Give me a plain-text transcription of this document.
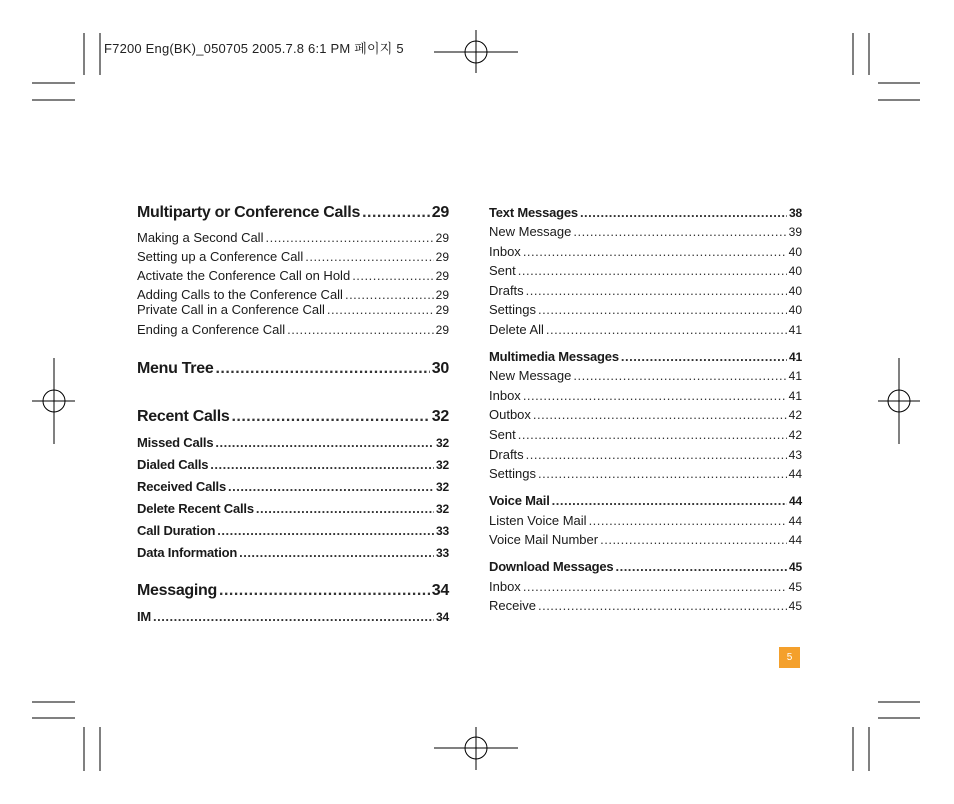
F7200 Eng(BK)_050705 2005.7.8 6:1 PM 페이지 5
Multiparty or Conference Calls .....	29
Making a Second Call .....	29
Setting up a Conference Call .....	29
Activate the Conference Call on Hold .....	29
Adding Calls to the Conference Call .....	29
Private Call in a Conference Call .....	29
Ending a Conference Call .....	29
Menu Tree .....	30
Recent Calls .....	32
Missed Calls .....	32
Dialed Calls .....	32
Received Calls .....	32
Delete Recent Calls .....	32
Call Duration .....	33
Data Information .....	33
Messaging .....	34
IM .....	34
Text Messages .....	38
New Message .....	39
Inbox .....	40
Sent .....	40
Drafts .....	40
Settings .....	40
Delete All .....	41
Multimedia Messages .....	41
New Message .....	41
Inbox .....	41
Outbox .....	42
Sent .....	42
Drafts .....	43
Settings .....	44
Voice Mail .....	44
Listen Voice Mail .....	44
Voice Mail Number .....	44
Download Messages .....	45
Inbox .....	45
Receive .....	45
5
